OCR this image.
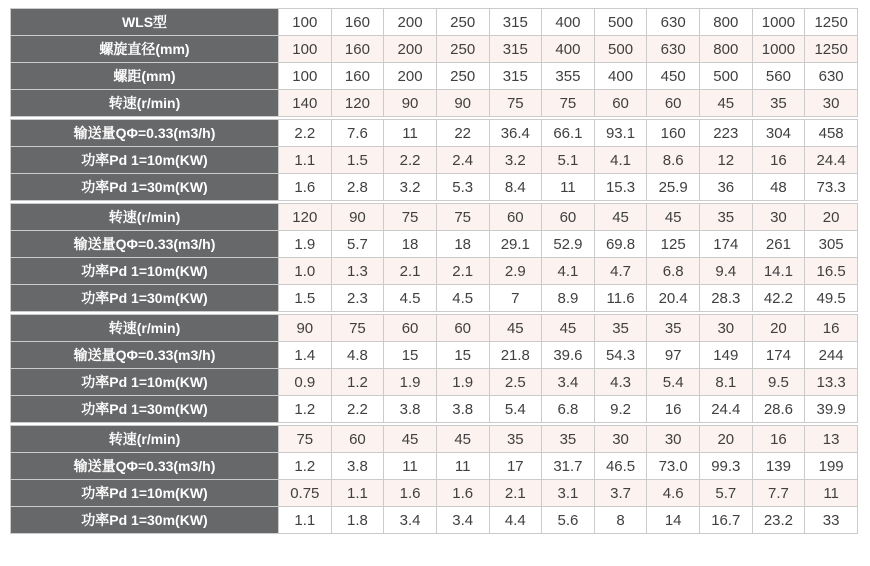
WLS型	100	160	200	250	315	400	500	630	800	1000	1250
螺旋直径(mm)	100	160	200	250	315	400	500	630	800	1000	1250
螺距(mm)	100	160	200	250	315	355	400	450	500	560	630
转速(r/min)	140	120	90	90	75	75	60	60	45	35	30

输送量QΦ=0.33(m3/h)	2.2	7.6	11	22	36.4	66.1	93.1	160	223	304	458
功率Pd 1=10m(KW)	1.1	1.5	2.2	2.4	3.2	5.1	4.1	8.6	12	16	24.4
功率Pd 1=30m(KW)	1.6	2.8	3.2	5.3	8.4	11	15.3	25.9	36	48	73.3

转速(r/min)	120	90	75	75	60	60	45	45	35	30	20
输送量QΦ=0.33(m3/h)	1.9	5.7	18	18	29.1	52.9	69.8	125	174	261	305
功率Pd 1=10m(KW)	1.0	1.3	2.1	2.1	2.9	4.1	4.7	6.8	9.4	14.1	16.5
功率Pd 1=30m(KW)	1.5	2.3	4.5	4.5	7	8.9	11.6	20.4	28.3	42.2	49.5

转速(r/min)	90	75	60	60	45	45	35	35	30	20	16
输送量QΦ=0.33(m3/h)	1.4	4.8	15	15	21.8	39.6	54.3	97	149	174	244
功率Pd 1=10m(KW)	0.9	1.2	1.9	1.9	2.5	3.4	4.3	5.4	8.1	9.5	13.3
功率Pd 1=30m(KW)	1.2	2.2	3.8	3.8	5.4	6.8	9.2	16	24.4	28.6	39.9

转速(r/min)	75	60	45	45	35	35	30	30	20	16	13
输送量QΦ=0.33(m3/h)	1.2	3.8	11	11	17	31.7	46.5	73.0	99.3	139	199
功率Pd 1=10m(KW)	0.75	1.1	1.6	1.6	2.1	3.1	3.7	4.6	5.7	7.7	11
功率Pd 1=30m(KW)	1.1	1.8	3.4	3.4	4.4	5.6	8	14	16.7	23.2	33
